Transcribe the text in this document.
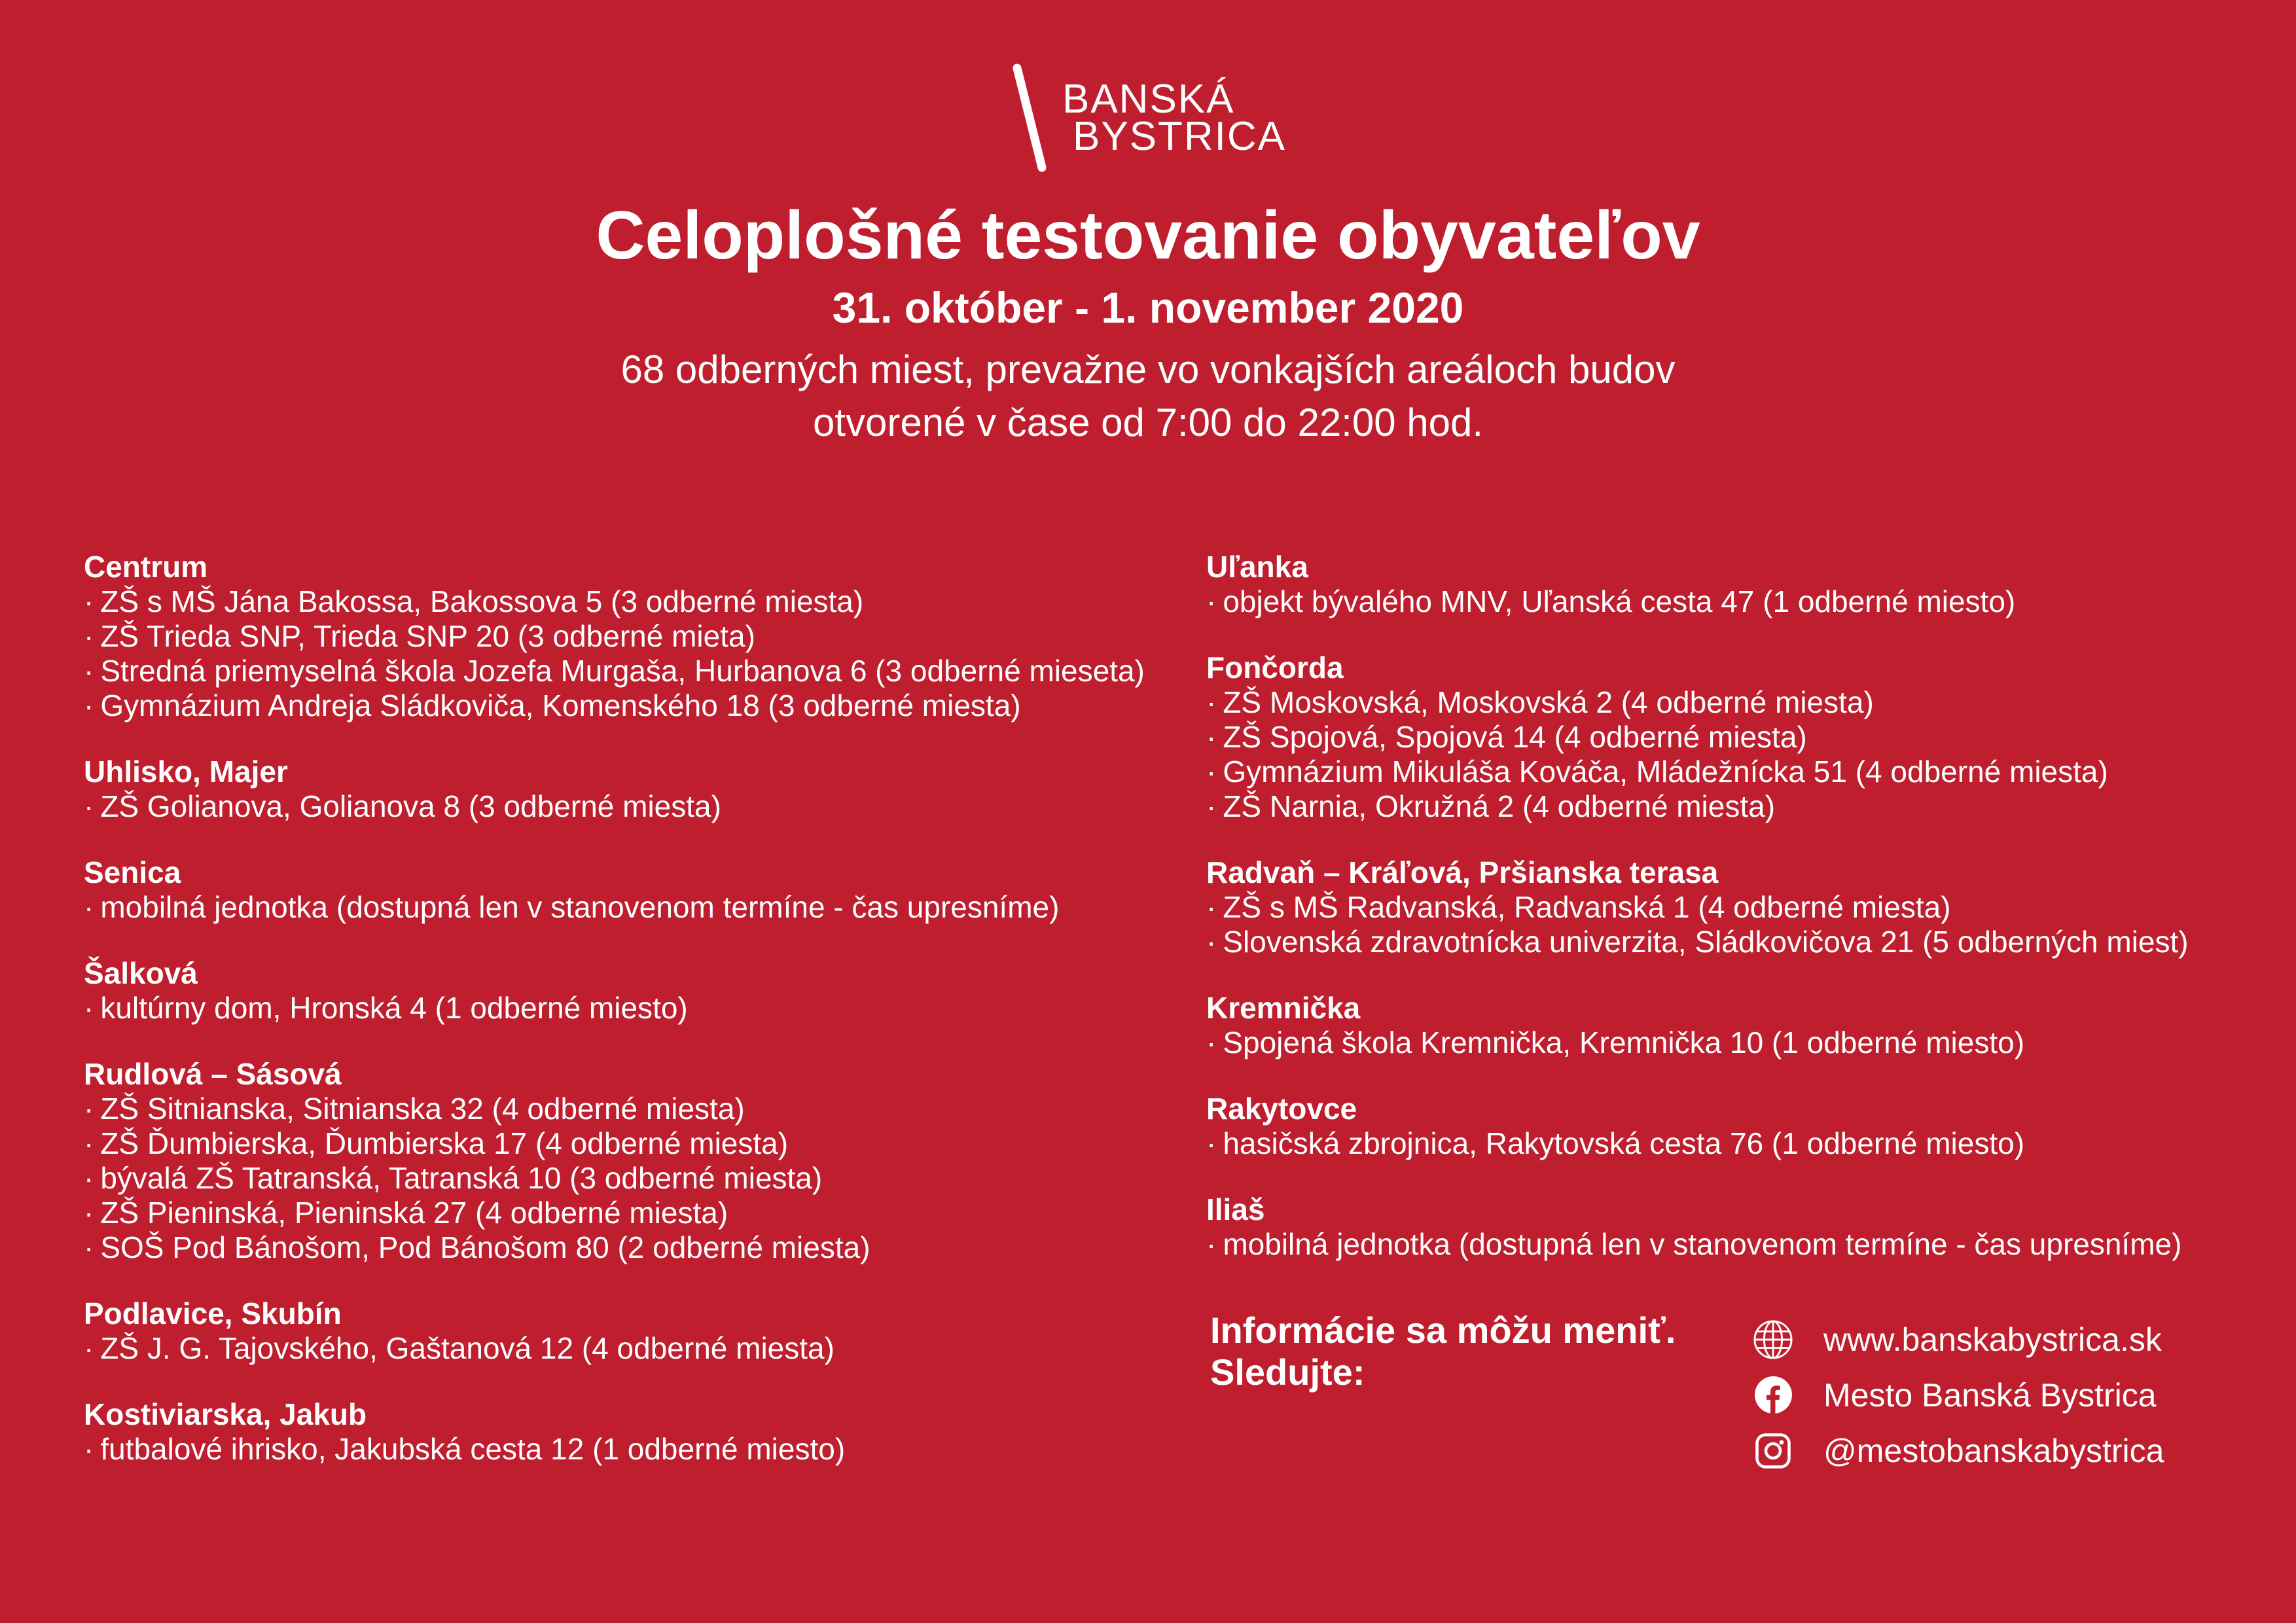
BANSKÁ
BYSTRICA
Celoplošné testovanie obyvateľov
31. október - 1. november 2020

68 odberných miest, prevažne vo vonkajších areáloch budov

otvorené v čase od 7:00 do 22:00 hod.

Centrum
· ZŠ s MŠ Jána Bakossa, Bakossova 5 (3 odberné miesta)
· ZŠ Trieda SNP, Trieda SNP 20 (3 odberné mieta)
· Stredná priemyselná škola Jozefa Murgaša, Hurbanova 6 (3 odberné mieseta)
· Gymnázium Andreja Sládkoviča, Komenského 18 (3 odberné miesta)
Uhlisko, Majer
· ZŠ Golianova, Golianova 8 (3 odberné miesta)
Senica
· mobilná jednotka (dostupná len v stanovenom termíne - čas upresníme)
Šalková
· kultúrny dom, Hronská 4 (1 odberné miesto)
Rudlová – Sásová
· ZŠ Sitnianska, Sitnianska 32 (4 odberné miesta)
· ZŠ Ďumbierska, Ďumbierska 17 (4 odberné miesta)
· bývalá ZŠ Tatranská, Tatranská 10 (3 odberné miesta)
· ZŠ Pieninská, Pieninská 27 (4 odberné miesta)
· SOŠ Pod Bánošom, Pod Bánošom 80 (2 odberné miesta)
Podlavice, Skubín
· ZŠ J. G. Tajovského, Gaštanová 12 (4 odberné miesta)
Kostiviarska, Jakub
· futbalové ihrisko, Jakubská cesta 12 (1 odberné miesto)
Uľanka
· objekt bývalého MNV, Uľanská cesta 47 (1 odberné miesto)
Fončorda
· ZŠ Moskovská, Moskovská 2 (4 odberné miesta)
· ZŠ Spojová, Spojová 14 (4 odberné miesta)
· Gymnázium Mikuláša Kováča, Mládežnícka 51 (4 odberné miesta)
· ZŠ Narnia, Okružná 2 (4 odberné miesta)
Radvaň – Kráľová, Pršianska terasa
· ZŠ s MŠ Radvanská, Radvanská 1 (4 odberné miesta)
· Slovenská zdravotnícka univerzita, Sládkovičova 21 (5 odberných miest)
Kremnička
· Spojená škola Kremnička, Kremnička 10 (1 odberné miesto)
Rakytovce
· hasičská zbrojnica, Rakytovská cesta 76 (1 odberné miesto)
Iliaš
· mobilná jednotka (dostupná len v stanovenom termíne - čas upresníme)

Informácie sa môžu meniť.

Sledujte:

www.banskabystrica.sk
Mesto Banská Bystrica
@mestobanskabystrica
